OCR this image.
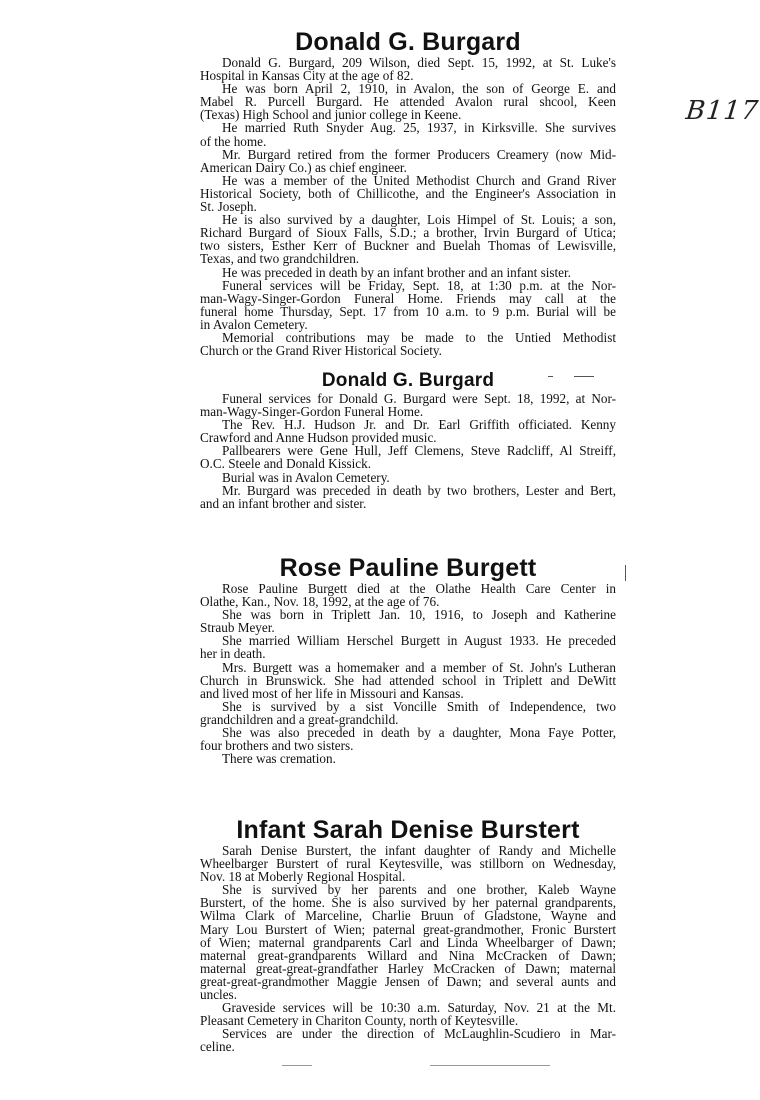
B117
Donald G. Burgard
Donald G. Burgard, 209 Wilson, died Sept. 15, 1992, at St. Luke's
Hospital in Kansas City at the age of 82.
He was born April 2, 1910, in Avalon, the son of George E. and
Mabel R. Purcell Burgard. He attended Avalon rural shcool, Keen
(Texas) High School and junior college in Keene.
He married Ruth Snyder Aug. 25, 1937, in Kirksville. She survives
of the home.
Mr. Burgard retired from the former Producers Creamery (now Mid-
American Dairy Co.) as chief engineer.
He was a member of the United Methodist Church and Grand River
Historical Society, both of Chillicothe, and the Engineer's Association in
St. Joseph.
He is also survived by a daughter, Lois Himpel of St. Louis; a son,
Richard Burgard of Sioux Falls, S.D.; a brother, Irvin Burgard of Utica;
two sisters, Esther Kerr of Buckner and Buelah Thomas of Lewisville,
Texas, and two grandchildren.
He was preceded in death by an infant brother and an infant sister.
Funeral services will be Friday, Sept. 18, at 1:30 p.m. at the Nor-
man-Wagy-Singer-Gordon Funeral Home. Friends may call at the
funeral home Thursday, Sept. 17 from 10 a.m. to 9 p.m. Burial will be
in Avalon Cemetery.
Memorial contributions may be made to the Untied Methodist
Church or the Grand River Historical Society.
Donald G. Burgard
Funeral services for Donald G. Burgard were Sept. 18, 1992, at Nor-
man-Wagy-Singer-Gordon Funeral Home.
The Rev. H.J. Hudson Jr. and Dr. Earl Griffith officiated. Kenny
Crawford and Anne Hudson provided music.
Pallbearers were Gene Hull, Jeff Clemens, Steve Radcliff, Al Streiff,
O.C. Steele and Donald Kissick.
Burial was in Avalon Cemetery.
Mr. Burgard was preceded in death by two brothers, Lester and Bert,
and an infant brother and sister.
Rose Pauline Burgett
Rose Pauline Burgett died at the Olathe Health Care Center in
Olathe, Kan., Nov. 18, 1992, at the age of 76.
She was born in Triplett Jan. 10, 1916, to Joseph and Katherine
Straub Meyer.
She married William Herschel Burgett in August 1933. He preceded
her in death.
Mrs. Burgett was a homemaker and a member of St. John's Lutheran
Church in Brunswick. She had attended school in Triplett and DeWitt
and lived most of her life in Missouri and Kansas.
She is survived by a sist Voncille Smith of Independence, two
grandchildren and a great-grandchild.
She was also preceded in death by a daughter, Mona Faye Potter,
four brothers and two sisters.
There was cremation.
Infant Sarah Denise Burstert
Sarah Denise Burstert, the infant daughter of Randy and Michelle
Wheelbarger Burstert of rural Keytesville, was stillborn on Wednesday,
Nov. 18 at Moberly Regional Hospital.
She is survived by her parents and one brother, Kaleb Wayne
Burstert, of the home. She is also survived by her paternal grandparents,
Wilma Clark of Marceline, Charlie Bruun of Gladstone, Wayne and
Mary Lou Burstert of Wien; paternal great-grandmother, Fronic Burstert
of Wien; maternal grandparents Carl and Linda Wheelbarger of Dawn;
maternal great-grandparents Willard and Nina McCracken of Dawn;
maternal great-great-grandfather Harley McCracken of Dawn; maternal
great-great-grandmother Maggie Jensen of Dawn; and several aunts and
uncles.
Graveside services will be 10:30 a.m. Saturday, Nov. 21 at the Mt.
Pleasant Cemetery in Chariton County, north of Keytesville.
Services are under the direction of McLaughlin-Scudiero in Mar-
celine.
